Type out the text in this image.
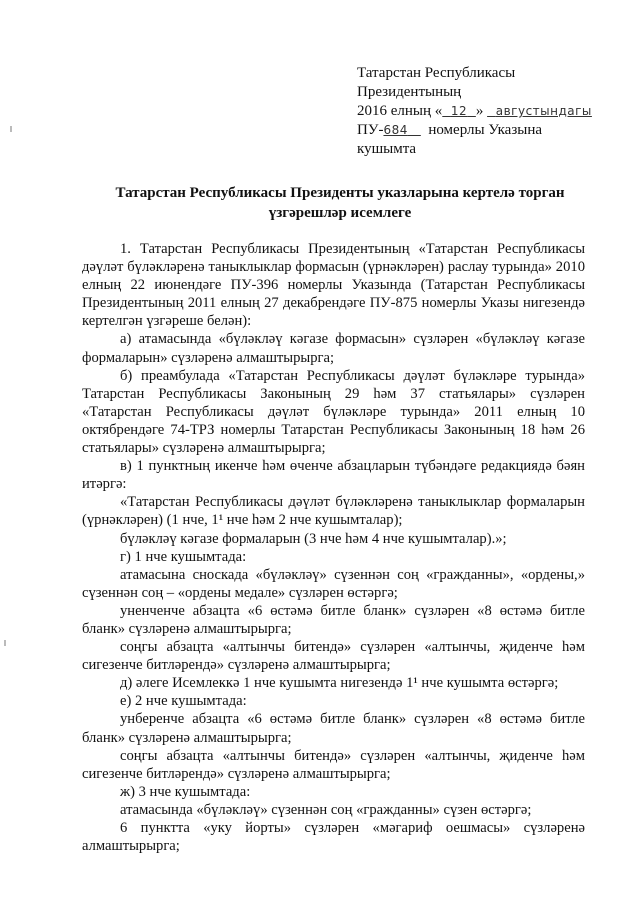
Татарстан Республикасы
Президентының
2016 елның « 12 » августындагы
ПУ-684 номерлы Указына
кушымта
Татарстан Республикасы Президенты указларына кертелә торган
үзгәрешләр исемлеге

1. Татарстан Республикасы Президентының «Татарстан Республикасы дәүләт бүләкләренә таныклыклар формасын (үрнәкләрен) раслау турында» 2010 елның 22 июнендәге ПУ-396 номерлы Указында (Татарстан Республикасы Президентының 2011 елның 27 декабрендәге ПУ-875 номерлы Указы нигезендә кертелгән үзгәреше белән):

а) атамасында «бүләкләү кәгазе формасын» сүзләрен «бүләкләү кәгазе формаларын» сүзләренә алмаштырырга;

б) преамбулада «Татарстан Республикасы дәүләт бүләкләре турында» Татарстан Республикасы Законының 29 һәм 37 статьялары» сүзләрен «Татарстан Республикасы дәүләт бүләкләре турында» 2011 елның 10 октябрендәге 74-ТРЗ номерлы Татарстан Республикасы Законының 18 һәм 26 статьялары» сүзләренә алмаштырырга;

в) 1 пунктның икенче һәм өченче абзацларын түбәндәге редакциядә бәян итәргә:

«Татарстан Республикасы дәүләт бүләкләренә таныклыклар формаларын (үрнәкләрен) (1 нче, 1¹ нче һәм 2 нче кушымталар);

бүләкләү кәгазе формаларын (3 нче һәм 4 нче кушымталар).»;

г) 1 нче кушымтада:

атамасына сноскада «бүләкләү» сүзеннән соң «гражданны», «ордены,» сүзеннән соң – «ордены медале» сүзләрен өстәргә;

уненченче абзацта «6 өстәмә битле бланк» сүзләрен «8 өстәмә битле бланк» сүзләренә алмаштырырга;

соңгы абзацта «алтынчы битендә» сүзләрен «алтынчы, җиденче һәм сигезенче битләрендә» сүзләренә алмаштырырга;

д) әлеге Исемлеккә 1 нче кушымта нигезендә 1¹ нче кушымта өстәргә;

е) 2 нче кушымтада:

унберенче абзацта «6 өстәмә битле бланк» сүзләрен «8 өстәмә битле бланк» сүзләренә алмаштырырга;

соңгы абзацта «алтынчы битендә» сүзләрен «алтынчы, җиденче һәм сигезенче битләрендә» сүзләренә алмаштырырга;

ж) 3 нче кушымтада:

атамасында «бүләкләү» сүзеннән соң «гражданны» сүзен өстәргә;

6 пунктта «уку йорты» сүзләрен «мәгариф оешмасы» сүзләренә алмаштырырга;
